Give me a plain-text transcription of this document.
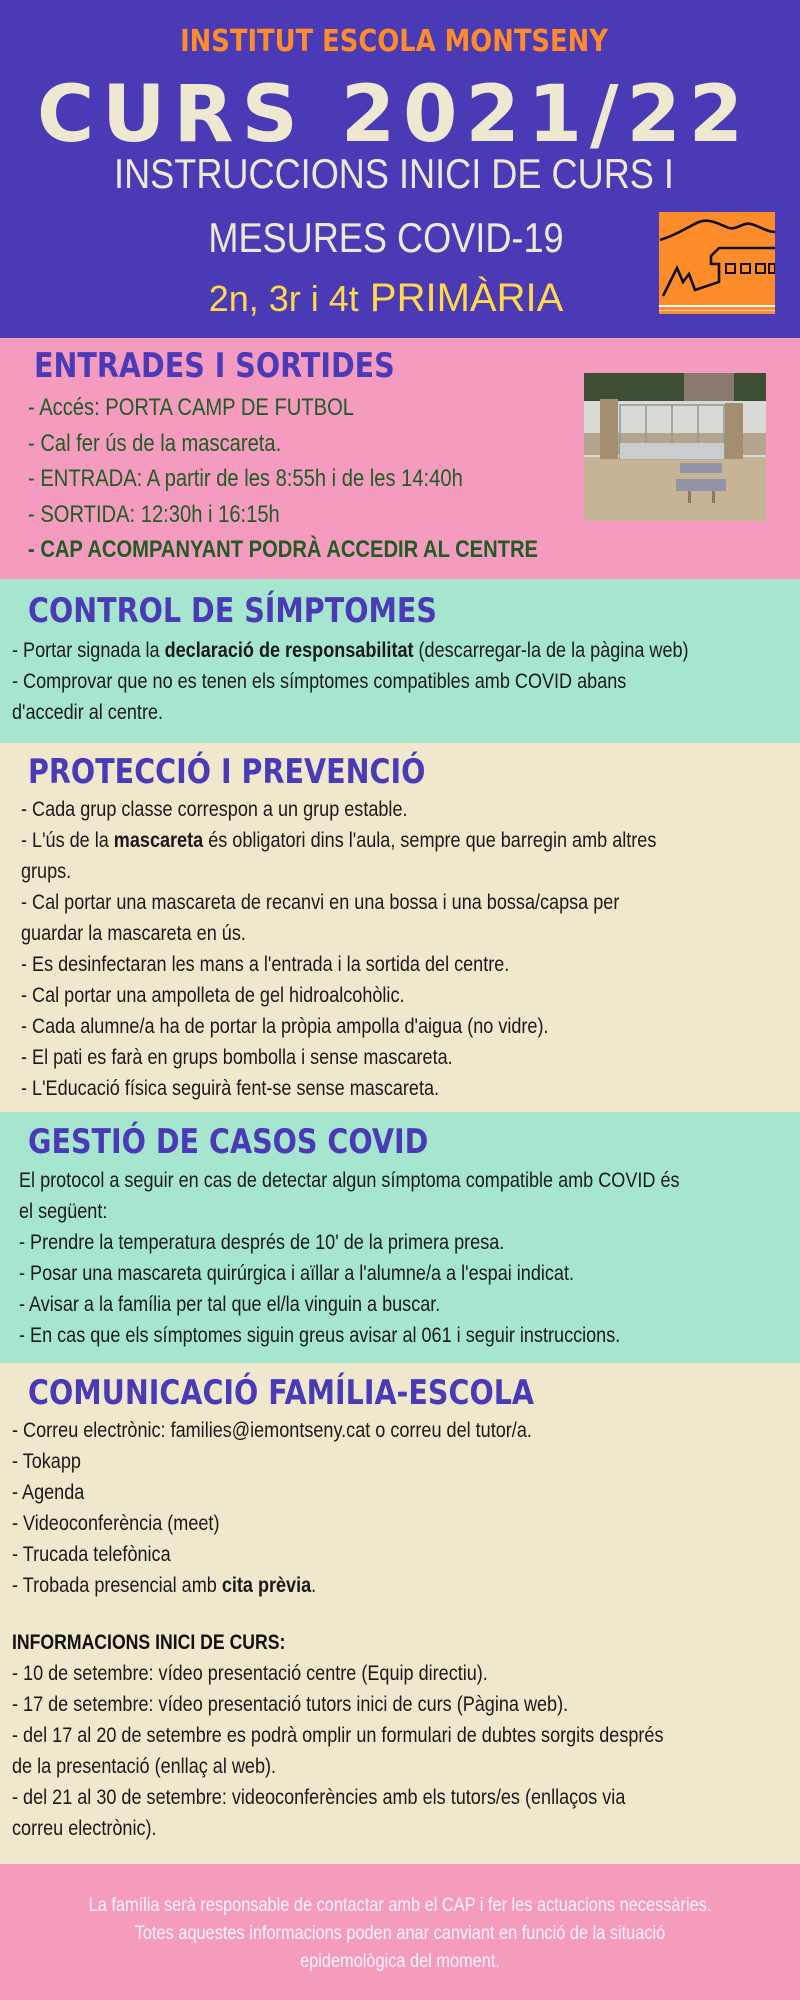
INSTITUT ESCOLA MONTSENY
CURS 2021/22
INSTRUCCIONS INICI DE CURS I
MESURES COVID-19
2n, 3r i 4t PRIMÀRIA
ENTRADES I SORTIDES
- Accés: PORTA CAMP DE FUTBOL
- Cal fer ús de la mascareta.
- ENTRADA: A partir de les 8:55h i de les 14:40h
- SORTIDA: 12:30h i 16:15h
- CAP ACOMPANYANT PODRÀ ACCEDIR AL CENTRE
CONTROL DE SÍMPTOMES
- Portar signada la declaració de responsabilitat (descarregar-la de la pàgina web)
- Comprovar que no es tenen els símptomes compatibles amb COVID abans
d'accedir al centre.
PROTECCIÓ I PREVENCIÓ
- Cada grup classe correspon a un grup estable.
- L'ús de la mascareta és obligatori dins l'aula, sempre que barregin amb altres
grups.
- Cal portar una mascareta de recanvi en una bossa i una bossa/capsa per
guardar la mascareta en ús.
- Es desinfectaran les mans a l'entrada i la sortida del centre.
- Cal portar una ampolleta de gel hidroalcohòlic.
- Cada alumne/a ha de portar la pròpia ampolla d'aigua (no vidre).
- El pati es farà en grups bombolla i sense mascareta.
- L'Educació física seguirà fent-se sense mascareta.
GESTIÓ DE CASOS COVID
El protocol a seguir en cas de detectar algun símptoma compatible amb COVID és
el següent:
- Prendre la temperatura després de 10' de la primera presa.
- Posar una mascareta quirúrgica i aïllar a l'alumne/a a l'espai indicat.
- Avisar a la família per tal que el/la vinguin a buscar.
- En cas que els símptomes siguin greus avisar al 061 i seguir instruccions.
COMUNICACIÓ FAMÍLIA-ESCOLA
- Correu electrònic: families@iemontseny.cat o correu del tutor/a.
- Tokapp
- Agenda
- Videoconferència (meet)
- Trucada telefònica
- Trobada presencial amb cita prèvia.
INFORMACIONS INICI DE CURS:
- 10 de setembre: vídeo presentació centre (Equip directiu).
- 17 de setembre: vídeo presentació tutors inici de curs (Pàgina web).
- del 17 al 20 de setembre es podrà omplir un formulari de dubtes sorgits després
de la presentació (enllaç al web).
- del 21 al 30 de setembre: videoconferències amb els tutors/es (enllaços via
correu electrònic).
La família serà responsable de contactar amb el CAP i fer les actuacions necessàries.
Totes aquestes informacions poden anar canviant en funció de la situació
epidemològica del moment.
